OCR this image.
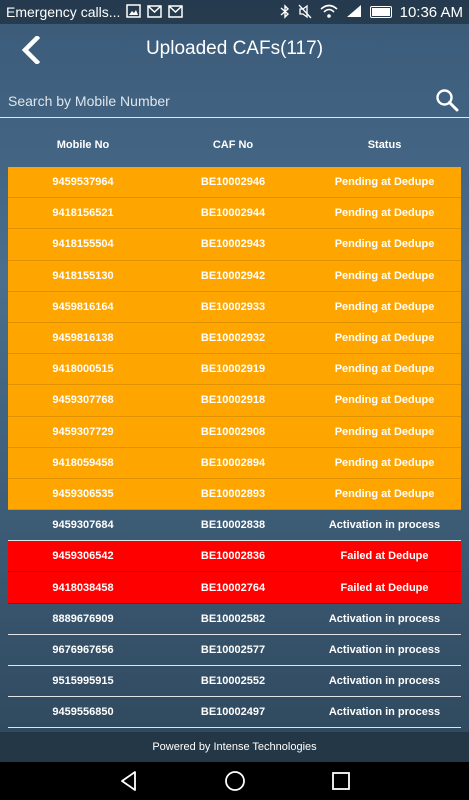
Emergency calls...	10:36 AM
Uploaded CAFs(117)
Search by Mobile Number
Mobile No	CAF No	Status
9459537964	BE10002946	Pending at Dedupe
9418156521	BE10002944	Pending at Dedupe
9418155504	BE10002943	Pending at Dedupe
9418155130	BE10002942	Pending at Dedupe
9459816164	BE10002933	Pending at Dedupe
9459816138	BE10002932	Pending at Dedupe
9418000515	BE10002919	Pending at Dedupe
9459307768	BE10002918	Pending at Dedupe
9459307729	BE10002908	Pending at Dedupe
9418059458	BE10002894	Pending at Dedupe
9459306535	BE10002893	Pending at Dedupe
9459307684	BE10002838	Activation in process
9459306542	BE10002836	Failed at Dedupe
9418038458	BE10002764	Failed at Dedupe
8889676909	BE10002582	Activation in process
9676967656	BE10002577	Activation in process
9515995915	BE10002552	Activation in process
9459556850	BE10002497	Activation in process
Powered by Intense Technologies
